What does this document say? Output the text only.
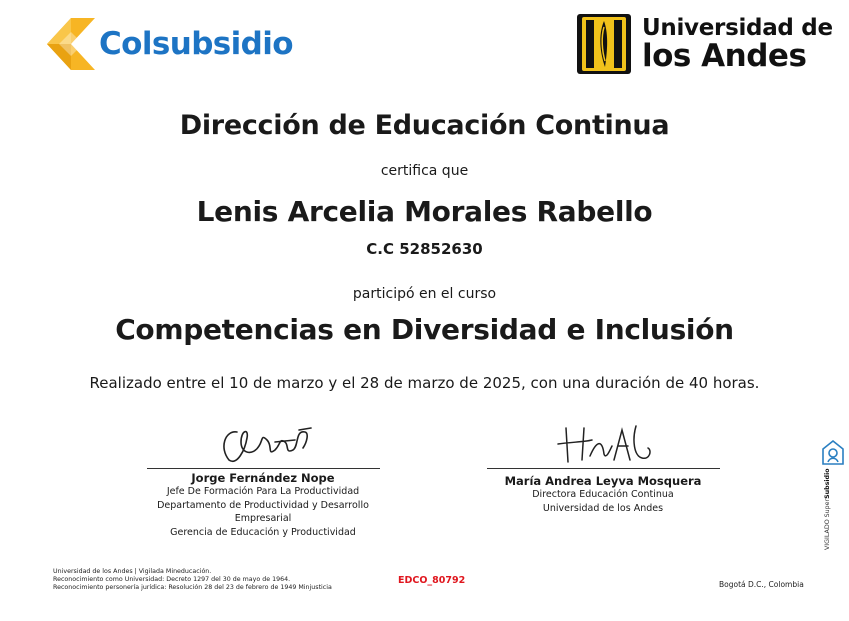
Colsubsidio	Universidad de
los Andes
Dirección de Educación Continua
certifica que
Lenis Arcelia Morales Rabello
C.C 52852630
participó en el curso
Competencias en Diversidad e Inclusión
Realizado entre el 10 de marzo y el 28 de marzo de 2025, con una duración de 40 horas.
Jorge Fernández Nope
Jefe De Formación Para La Productividad
Departamento de Productividad y Desarrollo Empresarial
Gerencia de Educación y Productividad
María Andrea Leyva Mosquera
Directora Educación Continua
Universidad de los Andes	VIGILADO SuperSubsidio
Universidad de los Andes | Vigilada Mineducación.
Reconocimiento como Universidad: Decreto 1297 del 30 de mayo de 1964.
Reconocimiento personería jurídica: Resolución 28 del 23 de febrero de 1949 Minjusticia
EDCO_80792	Bogotá D.C., Colombia
